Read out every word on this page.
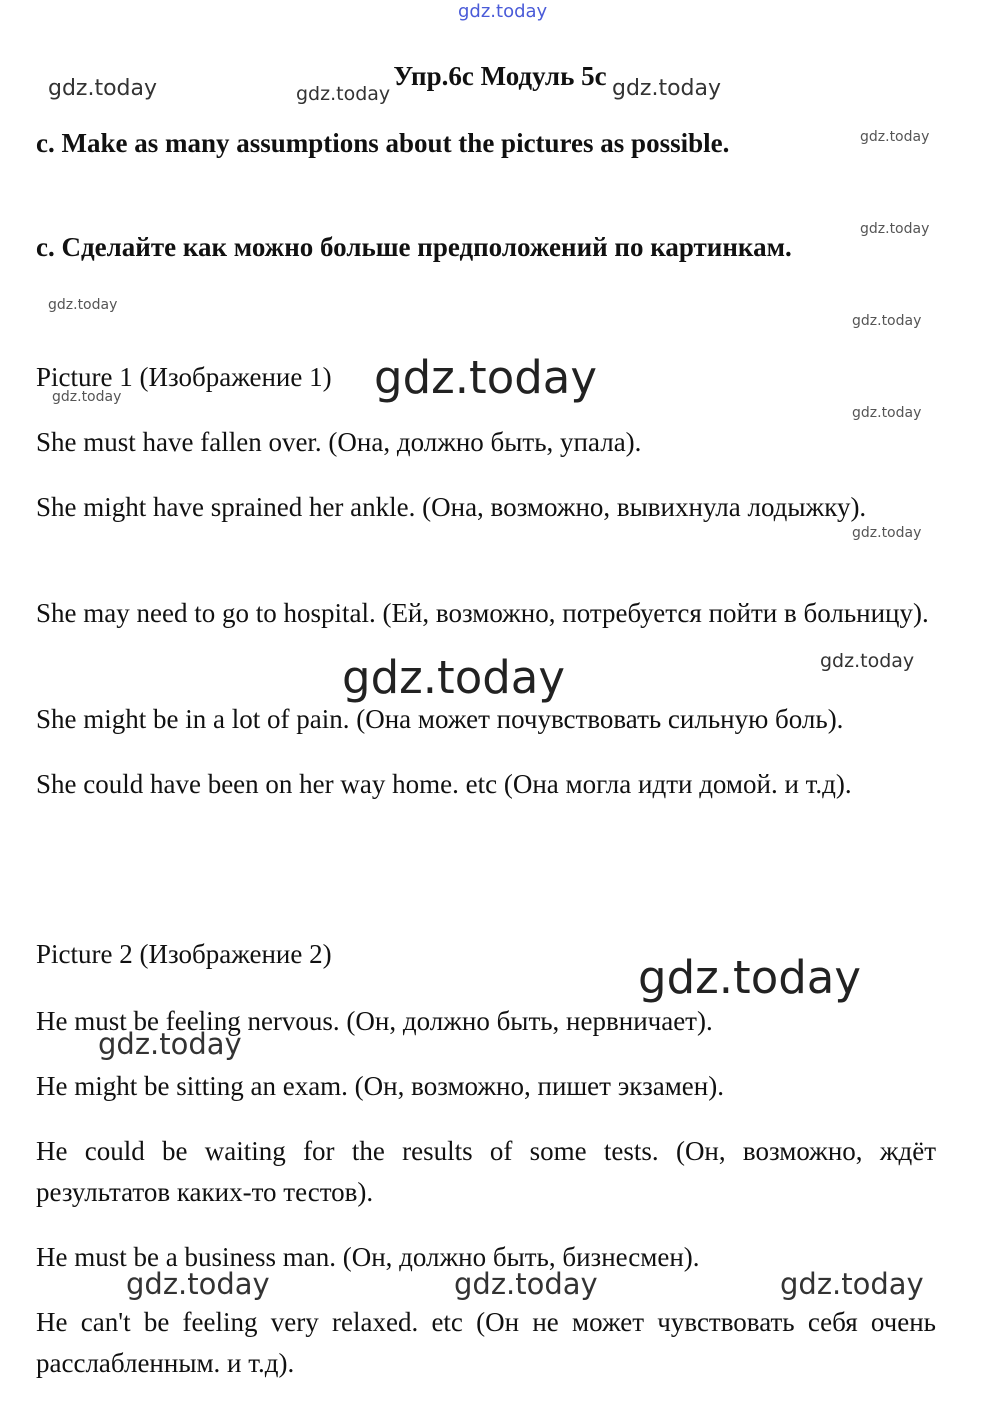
gdz.today
gdz.today	gdz.today	gdz.today
gdz.today
gdz.today
gdz.today
gdz.today
gdz.today
gdz.today
gdz.today
gdz.today
gdz.today	gdz.today
gdz.today
gdz.today
gdz.today	gdz.today	gdz.today
Упр.6c Модуль 5c

c. Make as many assumptions about the pictures as possible.

c. Сделайте как можно больше предположений по картинкам.

Picture 1 (Изображение 1)

She must have fallen over. (Она, должно быть, упала).

She might have sprained her ankle. (Она, возможно, вывихнула лодыжку).

She may need to go to hospital. (Ей, возможно, потребуется пойти в больницу).

She might be in a lot of pain. (Она может почувствовать сильную боль).

She could have been on her way home. etc (Она могла идти домой. и т.д).

Picture 2 (Изображение 2)

He must be feeling nervous. (Он, должно быть, нервничает).

He might be sitting an exam. (Он, возможно, пишет экзамен).

He could be waiting for the results of some tests. (Он, возможно, ждёт результатов каких-то тестов).

He must be a business man. (Он, должно быть, бизнесмен).

He can't be feeling very relaxed. etc (Он не может чувствовать себя очень расслабленным. и т.д).
